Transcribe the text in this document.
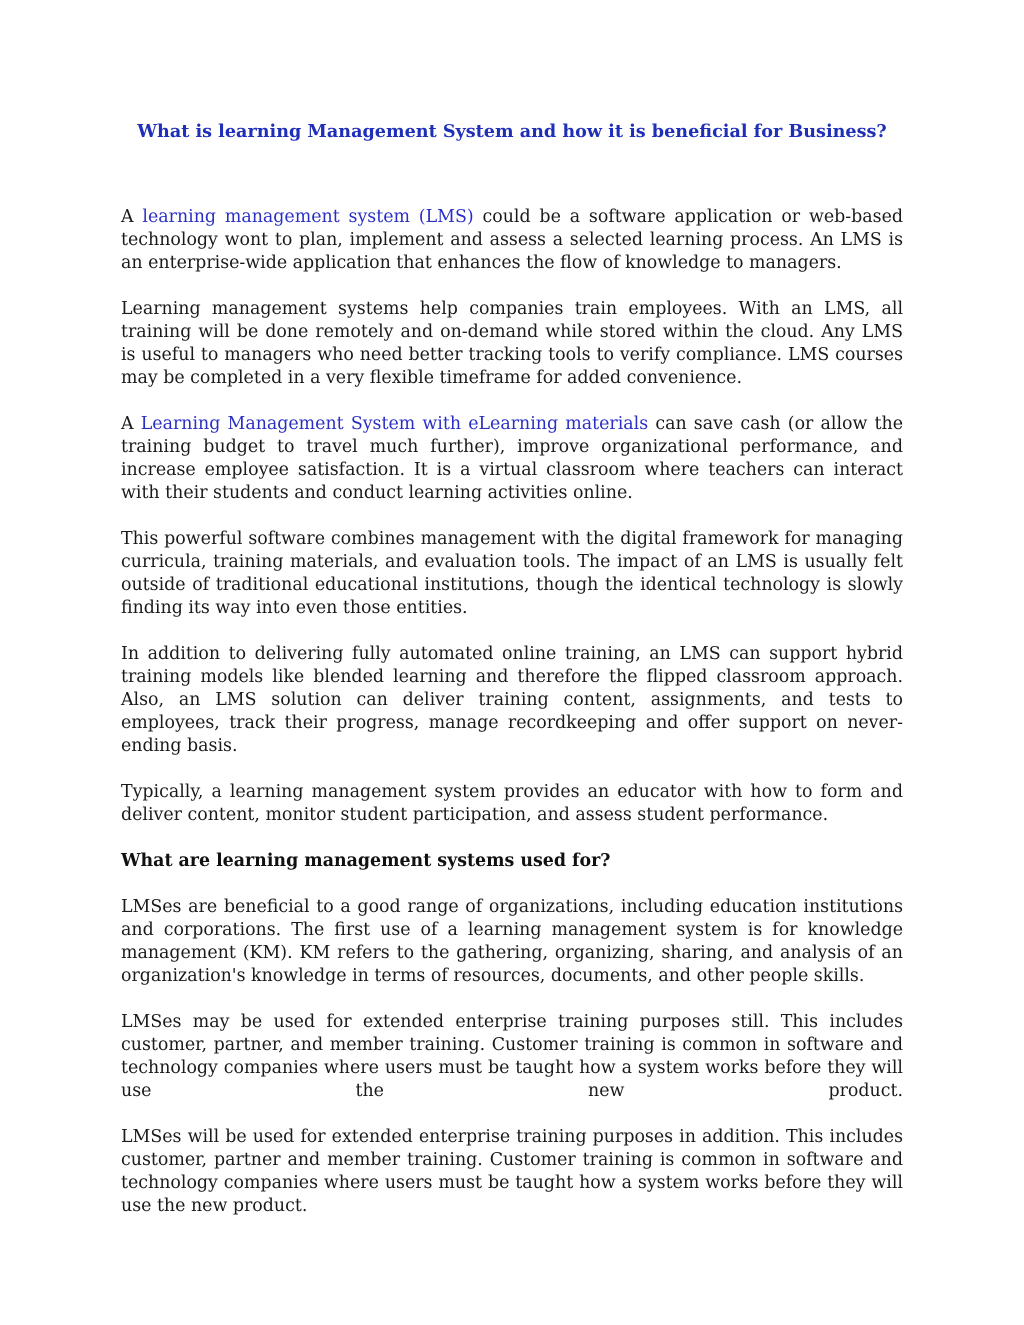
What is learning Management System and how it is beneficial for Business?

A learning management system (LMS) could be a software application or web-based technology wont to plan, implement and assess a selected learning process. An LMS is an enterprise-wide application that enhances the flow of knowledge to managers.

Learning management systems help companies train employees. With an LMS, all training will be done remotely and on-demand while stored within the cloud. Any LMS is useful to managers who need better tracking tools to verify compliance. LMS courses may be completed in a very flexible timeframe for added convenience.

A Learning Management System with eLearning materials can save cash (or allow the training budget to travel much further), improve organizational performance, and increase employee satisfaction. It is a virtual classroom where teachers can interact with their students and conduct learning activities online.

This powerful software combines management with the digital framework for managing curricula, training materials, and evaluation tools. The impact of an LMS is usually felt outside of traditional educational institutions, though the identical technology is slowly finding its way into even those entities.

In addition to delivering fully automated online training, an LMS can support hybrid training models like blended learning and therefore the flipped classroom approach. Also, an LMS solution can deliver training content, assignments, and tests to employees, track their progress, manage recordkeeping and offer support on never-ending basis.

Typically, a learning management system provides an educator with how to form and deliver content, monitor student participation, and assess student performance.

What are learning management systems used for?

LMSes are beneficial to a good range of organizations, including education institutions and corporations. The first use of a learning management system is for knowledge management (KM). KM refers to the gathering, organizing, sharing, and analysis of an organization's knowledge in terms of resources, documents, and other people skills.

LMSes may be used for extended enterprise training purposes still. This includes customer, partner, and member training. Customer training is common in software and technology companies where users must be taught how a system works before they will use the new product.

LMSes will be used for extended enterprise training purposes in addition. This includes customer, partner and member training. Customer training is common in software and technology companies where users must be taught how a system works before they will use the new product.
